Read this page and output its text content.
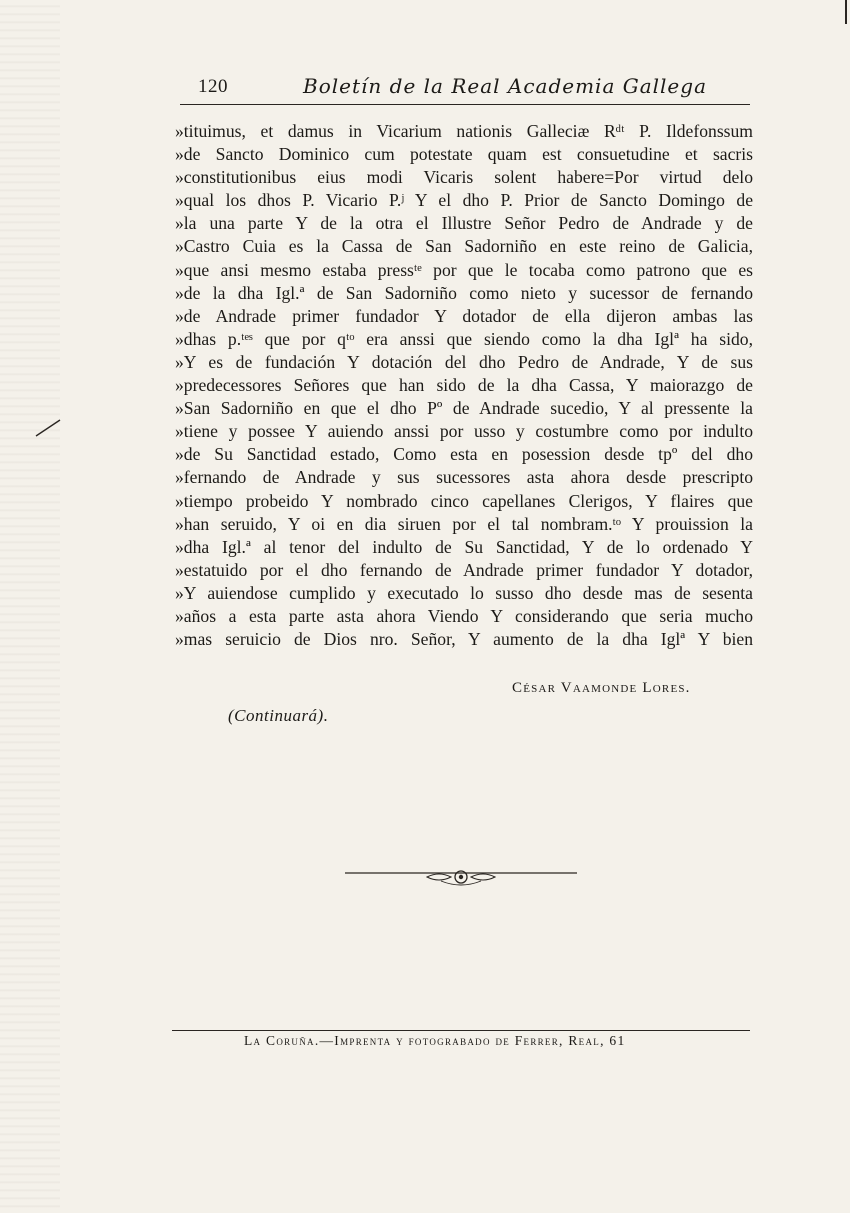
120	Boletín de la Real Academia Gallega
»tituimus, et damus in Vicarium nationis Galleciæ Rᵈᵗ P. Ildefonssum
»de Sancto Dominico cum potestate quam est consuetudine et sacris
»constitutionibus eius modi Vicaris solent habere=Por virtud delo
»qual los dhos P. Vicario P.ʲ Y el dho P. Prior de Sancto Domingo de
»la una parte Y de la otra el Illustre Señor Pedro de Andrade y de
»Castro Cuia es la Cassa de San Sadorniño en este reino de Galicia,
»que ansi mesmo estaba pressᵗᵉ por que le tocaba como patrono que es
»de la dha Igl.ª de San Sadorniño como nieto y sucessor de fernando
»de Andrade primer fundador Y dotador de ella dijeron ambas las
»dhas p.ᵗᵉˢ que por qᵗᵒ era anssi que siendo como la dha Iglª ha sido,
»Y es de fundación Y dotación del dho Pedro de Andrade, Y de sus
»predecessores Señores que han sido de la dha Cassa, Y maiorazgo de
»San Sadorniño en que el dho Pº de Andrade sucedio, Y al pressente la
»tiene y possee Y auiendo anssi por usso y costumbre como por indulto
»de Su Sanctidad estado, Como esta en posession desde tpº del dho
»fernando de Andrade y sus sucessores asta ahora desde prescripto
»tiempo probeido Y nombrado cinco capellanes Clerigos, Y flaires que
»han seruido, Y oi en dia siruen por el tal nombram.ᵗᵒ Y prouission la
»dha Igl.ª al tenor del indulto de Su Sanctidad, Y de lo ordenado Y
»estatuido por el dho fernando de Andrade primer fundador Y dotador,
»Y auiendose cumplido y executado lo susso dho desde mas de sesenta
»años a esta parte asta ahora Viendo Y considerando que seria mucho
»mas seruicio de Dios nro. Señor, Y aumento de la dha Iglª Y bien
César Vaamonde Lores.
(Continuará).
La Coruña.—Imprenta y fotograbado de Ferrer, Real, 61
